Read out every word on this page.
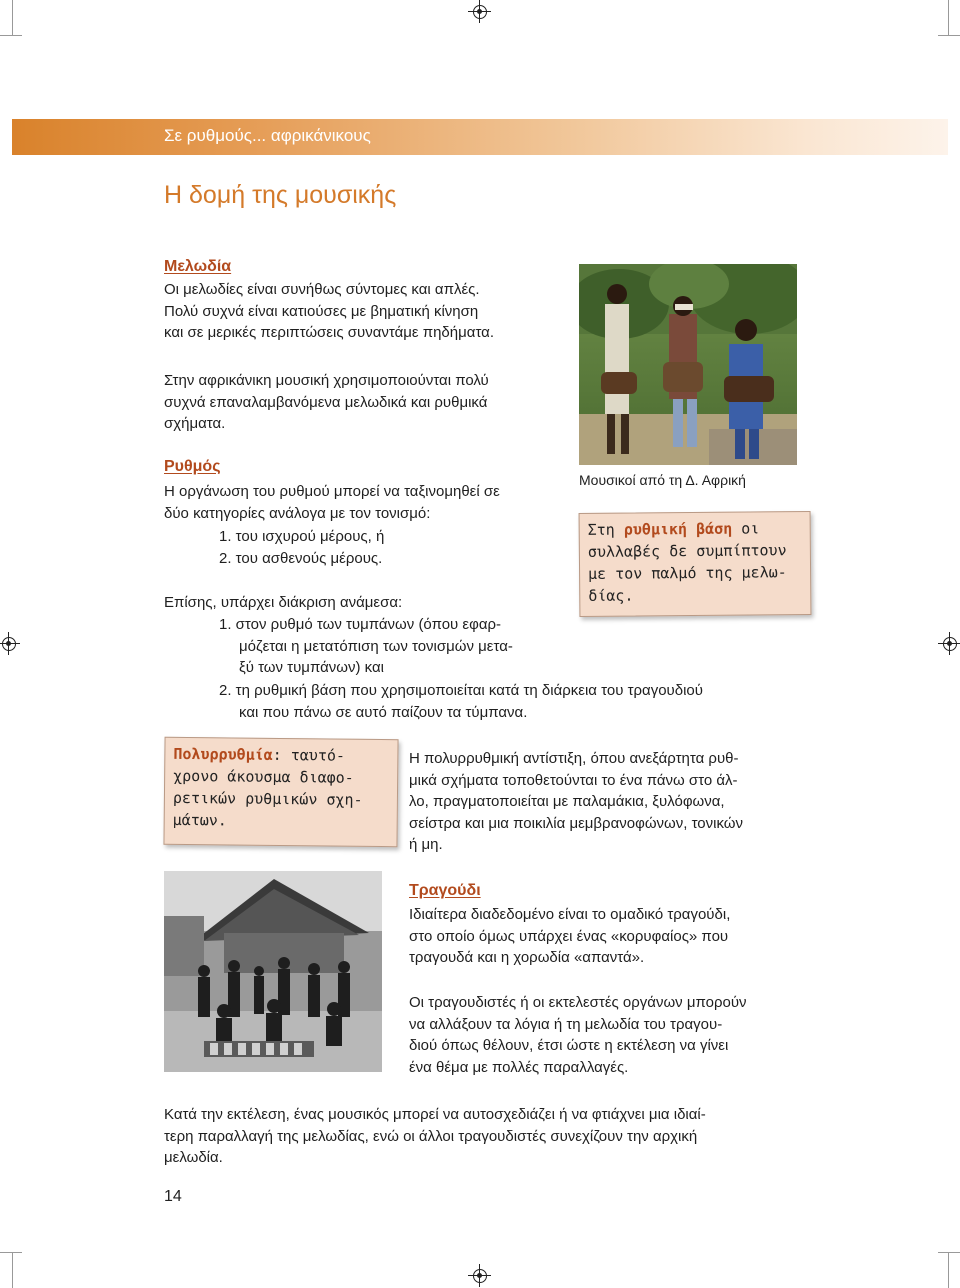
Σε ρυθμούς... αφρικάνικους
Η δομή της μουσικής
Μελωδία
Οι μελωδίες είναι συνήθως σύντομες και απλές.
Πολύ συχνά είναι κατιούσες με βηματική κίνηση
και σε μερικές περιπτώσεις συναντάμε πηδήματα.
Στην αφρικάνικη μουσική χρησιμοποιούνται πολύ
συχνά επαναλαμβανόμενα μελωδικά και ρυθμικά
σχήματα.
Ρυθμός
Η οργάνωση του ρυθμού μπορεί να ταξινομηθεί σε
δύο κατηγορίες ανάλογα με τον τονισμό:
1. του ισχυρού μέρους, ή
2. του ασθενούς μέρους.
Επίσης, υπάρχει διάκριση ανάμεσα:
1. στον ρυθμό των τυμπάνων (όπου εφαρ-
μόζεται η μετατόπιση των τονισμών μετα-
ξύ των τυμπάνων) και
2. τη ρυθμική βάση που χρησιμοποιείται κατά τη διάρκεια του τραγουδιού
και που πάνω σε αυτό παίζουν τα τύμπανα.
Μουσικοί από τη Δ. Αφρική
Στη ρυθμική βάση οι
συλλαβές δε συμπίπτουν
με τον παλμό της μελω-
δίας.
Πολυρρυθμία: ταυτό-
χρονο άκουσμα διαφο-
ρετικών ρυθμικών σχη-
μάτων.
Η πολυρρυθμική αντίστιξη, όπου ανεξάρτητα ρυθ-
μικά σχήματα τοποθετούνται το ένα πάνω στο άλ-
λο, πραγματοποιείται με παλαμάκια, ξυλόφωνα,
σείστρα και μια ποικιλία μεμβρανοφώνων, τονικών
ή μη.
Τραγούδι
Ιδιαίτερα διαδεδομένο είναι το ομαδικό τραγούδι,
στο οποίο όμως υπάρχει ένας «κορυφαίος» που
τραγουδά και η χορωδία «απαντά».
Οι τραγουδιστές ή οι εκτελεστές οργάνων μπορούν
να αλλάξουν τα λόγια ή τη μελωδία του τραγου-
διού όπως θέλουν, έτσι ώστε η εκτέλεση να γίνει
ένα θέμα με πολλές παραλλαγές.
Κατά την εκτέλεση, ένας μουσικός μπορεί να αυτοσχεδιάζει ή να φτιάχνει μια ιδιαί-
τερη παραλλαγή της μελωδίας, ενώ οι άλλοι τραγουδιστές συνεχίζουν την αρχική
μελωδία.
14
